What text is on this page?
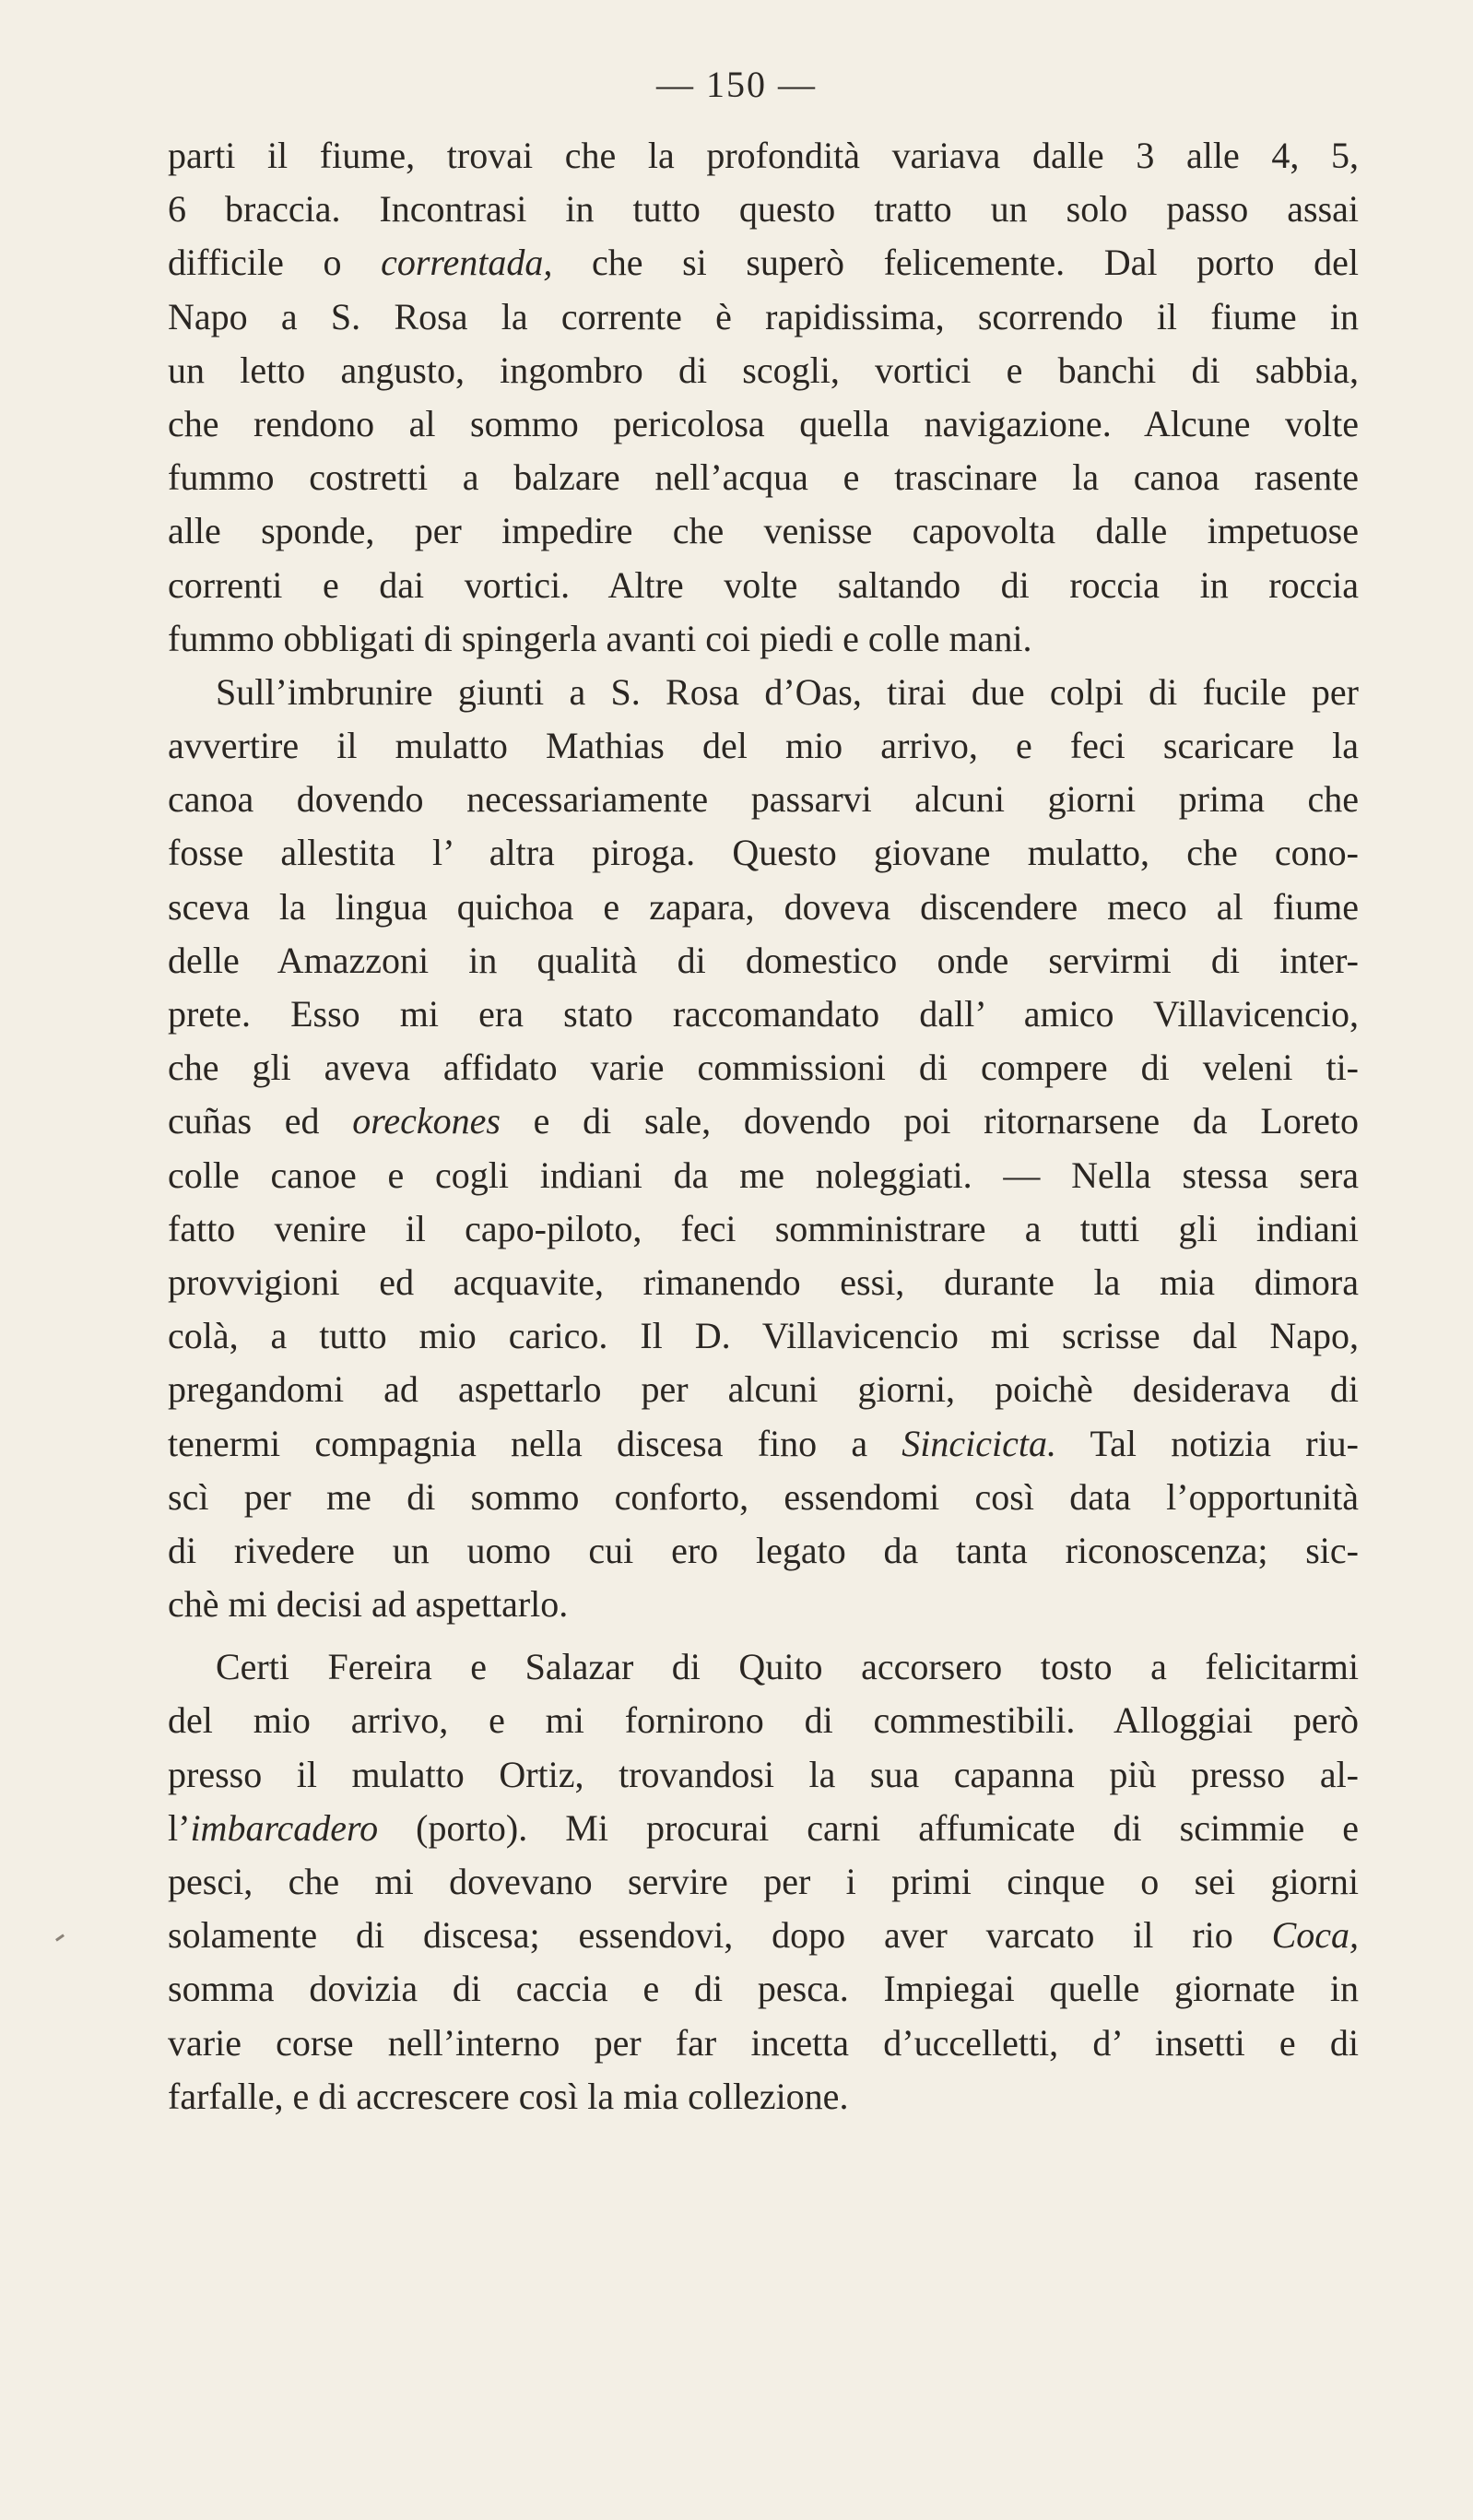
— 150 —
parti il fiume, trovai che la profondità variava dalle 3 alle 4, 5,
6 braccia. Incontrasi in tutto questo tratto un solo passo assai
difficile o correntada, che si superò felicemente. Dal porto del
Napo a S. Rosa la corrente è rapidissima, scorrendo il fiume in
un letto angusto, ingombro di scogli, vortici e banchi di sabbia,
che rendono al sommo pericolosa quella navigazione. Alcune volte
fummo costretti a balzare nell’acqua e trascinare la canoa rasente
alle sponde, per impedire che venisse capovolta dalle impetuose
correnti e dai vortici. Altre volte saltando di roccia in roccia
fummo obbligati di spingerla avanti coi piedi e colle mani.
Sull’imbrunire giunti a S. Rosa d’Oas, tirai due colpi di fucile per
avvertire il mulatto Mathias del mio arrivo, e feci scaricare la
canoa dovendo necessariamente passarvi alcuni giorni prima che
fosse allestita l’ altra piroga. Questo giovane mulatto, che cono-
sceva la lingua quichoa e zapara, doveva discendere meco al fiume
delle Amazzoni in qualità di domestico onde servirmi di inter-
prete. Esso mi era stato raccomandato dall’ amico Villavicencio,
che gli aveva affidato varie commissioni di compere di veleni ti-
cuñas ed oreckones e di sale, dovendo poi ritornarsene da Loreto
colle canoe e cogli indiani da me noleggiati. — Nella stessa sera
fatto venire il capo-piloto, feci somministrare a tutti gli indiani
provvigioni ed acquavite, rimanendo essi, durante la mia dimora
colà, a tutto mio carico. Il D. Villavicencio mi scrisse dal Napo,
pregandomi ad aspettarlo per alcuni giorni, poichè desiderava di
tenermi compagnia nella discesa fino a Sincicicta. Tal notizia riu-
scì per me di sommo conforto, essendomi così data l’opportunità
di rivedere un uomo cui ero legato da tanta riconoscenza; sic-
chè mi decisi ad aspettarlo.
Certi Fereira e Salazar di Quito accorsero tosto a felicitarmi
del mio arrivo, e mi fornirono di commestibili. Alloggiai però
presso il mulatto Ortiz, trovandosi la sua capanna più presso al-
l’imbarcadero (porto). Mi procurai carni affumicate di scimmie e
pesci, che mi dovevano servire per i primi cinque o sei giorni
solamente di discesa; essendovi, dopo aver varcato il rio Coca,
somma dovizia di caccia e di pesca. Impiegai quelle giornate in
varie corse nell’interno per far incetta d’uccelletti, d’ insetti e di
farfalle, e di accrescere così la mia collezione.
